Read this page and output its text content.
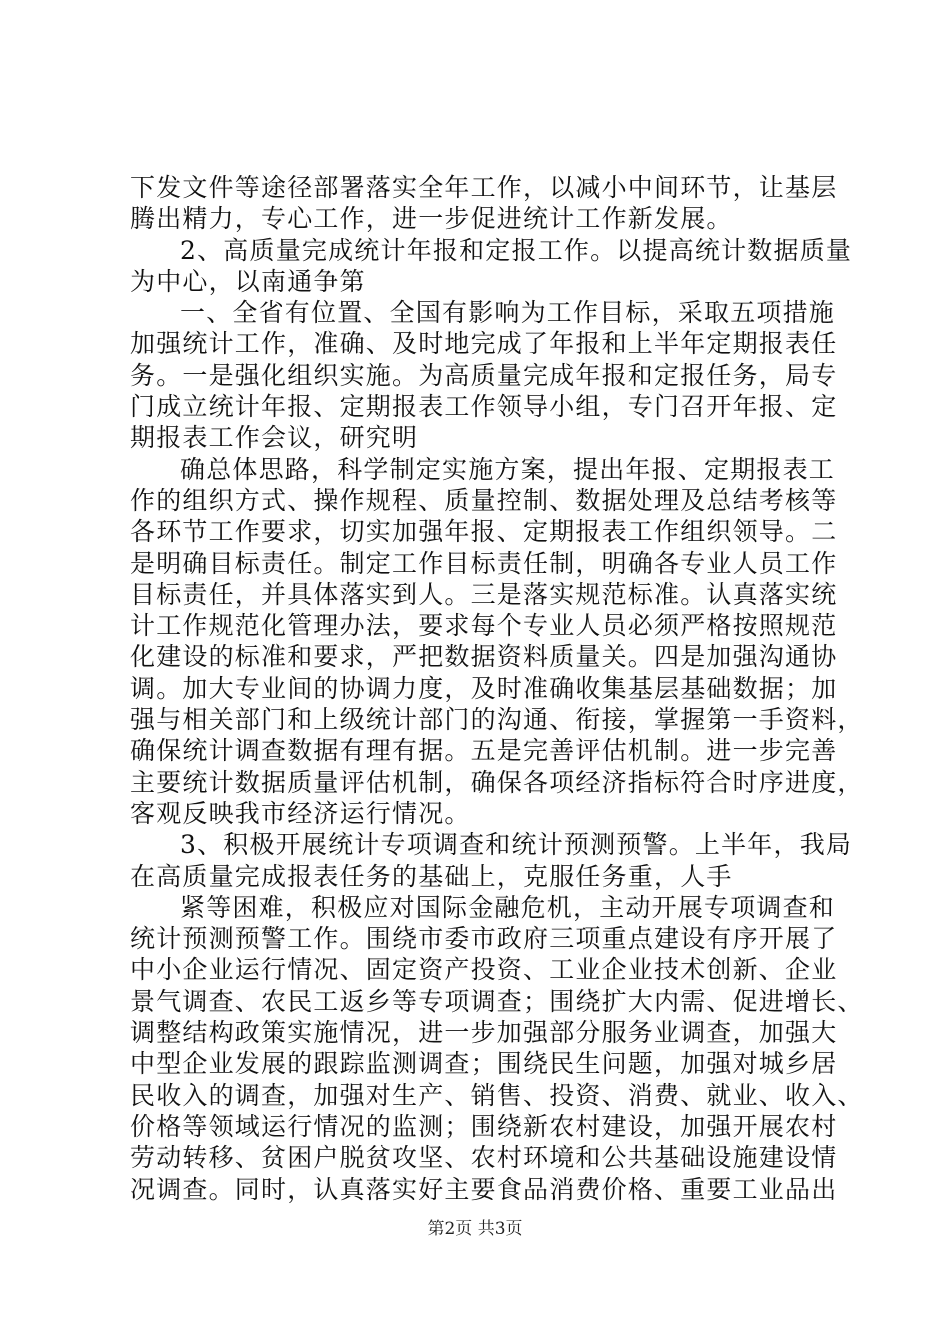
下发文件等途径部署落实全年工作，以减小中间环节，让基层
腾出精力，专心工作，进一步促进统计工作新发展。
2、高质量完成统计年报和定报工作。以提高统计数据质量
为中心，以南通争第
一、全省有位置、全国有影响为工作目标，采取五项措施
加强统计工作，准确、及时地完成了年报和上半年定期报表任
务。一是强化组织实施。为高质量完成年报和定报任务，局专
门成立统计年报、定期报表工作领导小组，专门召开年报、定
期报表工作会议，研究明
确总体思路，科学制定实施方案，提出年报、定期报表工
作的组织方式、操作规程、质量控制、数据处理及总结考核等
各环节工作要求，切实加强年报、定期报表工作组织领导。二
是明确目标责任。制定工作目标责任制，明确各专业人员工作
目标责任，并具体落实到人。三是落实规范标准。认真落实统
计工作规范化管理办法，要求每个专业人员必须严格按照规范
化建设的标准和要求，严把数据资料质量关。四是加强沟通协
调。加大专业间的协调力度，及时准确收集基层基础数据；加
强与相关部门和上级统计部门的沟通、衔接，掌握第一手资料，
确保统计调查数据有理有据。五是完善评估机制。进一步完善
主要统计数据质量评估机制，确保各项经济指标符合时序进度，
客观反映我市经济运行情况。
3、积极开展统计专项调查和统计预测预警。上半年，我局
在高质量完成报表任务的基础上，克服任务重，人手
紧等困难，积极应对国际金融危机，主动开展专项调查和
统计预测预警工作。围绕市委市政府三项重点建设有序开展了
中小企业运行情况、固定资产投资、工业企业技术创新、企业
景气调查、农民工返乡等专项调查；围绕扩大内需、促进增长、
调整结构政策实施情况，进一步加强部分服务业调查，加强大
中型企业发展的跟踪监测调查；围绕民生问题，加强对城乡居
民收入的调查，加强对生产、销售、投资、消费、就业、收入、
价格等领域运行情况的监测；围绕新农村建设，加强开展农村
劳动转移、贫困户脱贫攻坚、农村环境和公共基础设施建设情
况调查。同时，认真落实好主要食品消费价格、重要工业品出
第2页 共3页
